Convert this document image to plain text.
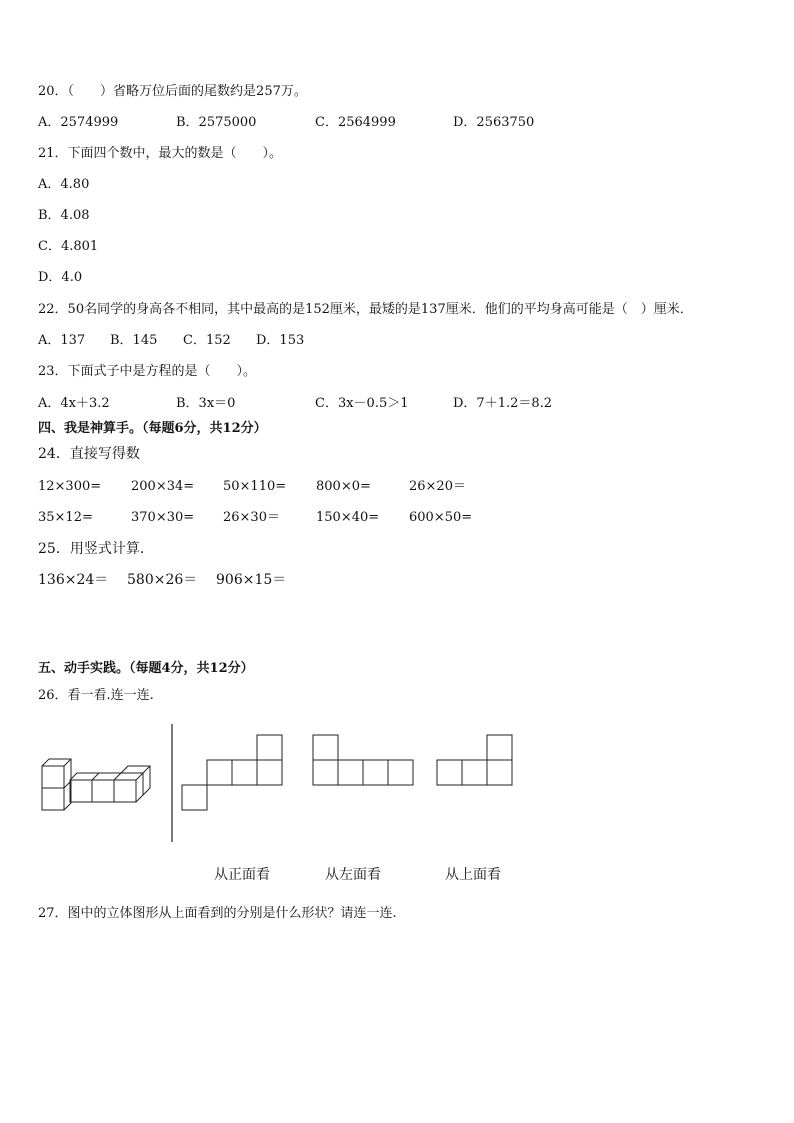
20．（　　）省略万位后面的尾数约是257万。
A．2574999	B．2575000	C．2564999	D．2563750
21．下面四个数中，最大的数是（　　）。
A．4.80
B．4.08
C．4.801
D．4.0
22．50名同学的身高各不相同，其中最高的是152厘米，最矮的是137厘米．他们的平均身高可能是（　）厘米．
A．137 B．145 C．152 D．153
23．下面式子中是方程的是（　　）。
A．4x＋3.2	B．3x＝0	C．3x－0.5＞1	D．7＋1.2＝8.2
四、我是神算手。（每题6分，共12分）
24．直接写得数
12×300= 200×34= 50×110= 800×0=	26×20＝
35×12=	370×30= 26×30＝	150×40= 600×50=
25．用竖式计算.
136×24＝ 580×26＝ 906×15＝
五、动手实践。（每题4分，共12分）
26．看一看.连一连.
从正面看	从左面看	从上面看
27．图中的立体图形从上面看到的分别是什么形状？请连一连.
